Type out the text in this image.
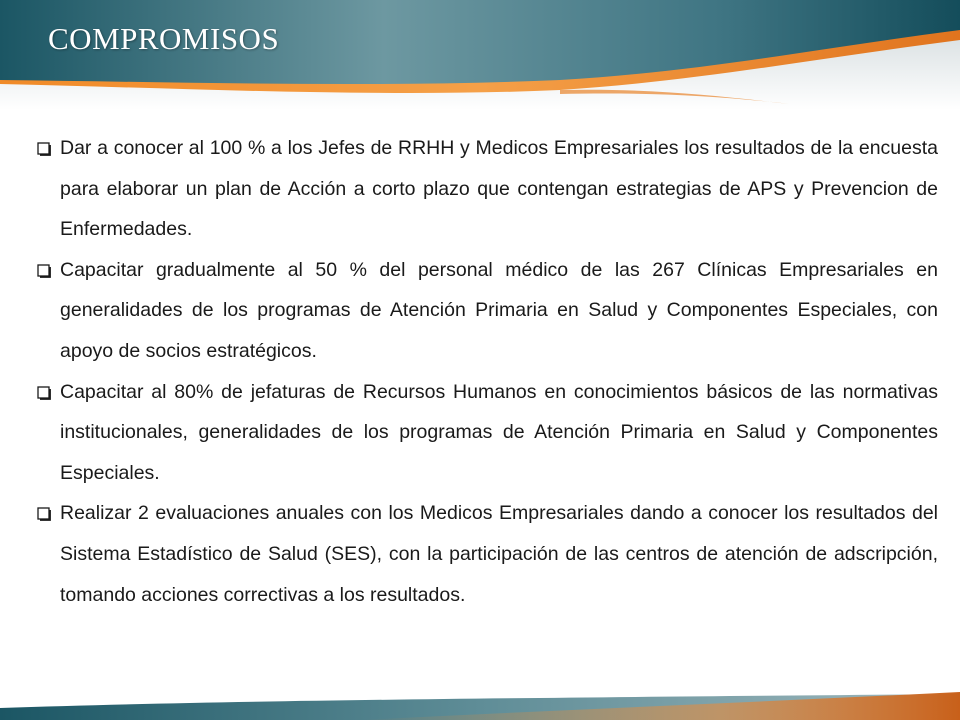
COMPROMISOS
Dar a conocer al 100 % a los Jefes de RRHH y Medicos Empresariales los resultados de la encuesta para elaborar un plan de Acción a corto plazo que contengan estrategias de APS y Prevencion de Enfermedades.
Capacitar gradualmente al 50 % del personal médico de las 267 Clínicas Empresariales en generalidades de los programas de Atención Primaria en Salud y Componentes Especiales, con apoyo de socios estratégicos.
Capacitar al 80% de jefaturas de Recursos Humanos en conocimientos básicos de las normativas institucionales, generalidades de los programas de Atención Primaria en Salud y Componentes Especiales.
Realizar 2 evaluaciones anuales con los Medicos Empresariales dando a conocer los resultados del Sistema Estadístico de Salud (SES), con la participación de las centros de atención de adscripción, tomando acciones correctivas a los resultados.
